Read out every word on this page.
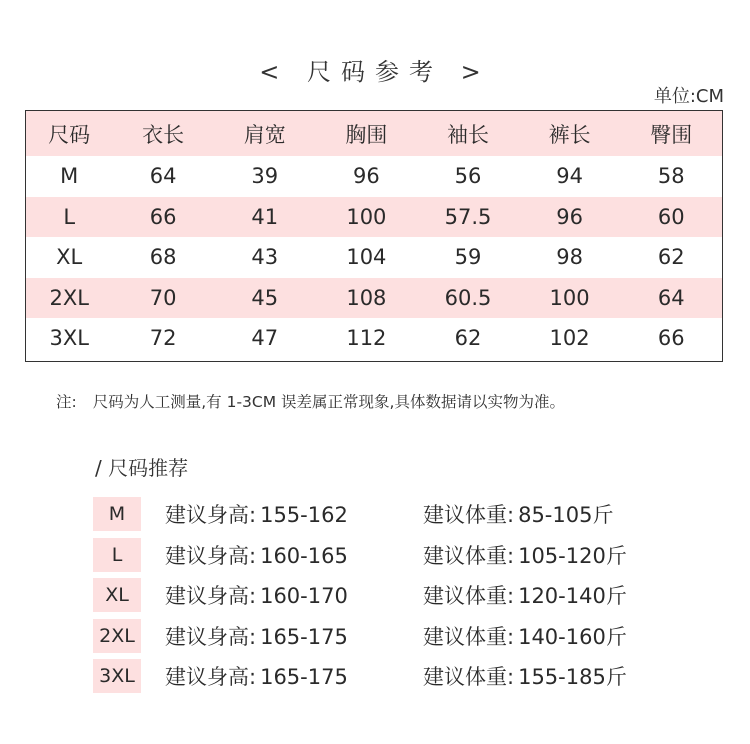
< 尺码参考 >
单位:CM
尺码	衣长	肩宽	胸围	袖长	裤长	臀围
M	64	39	96	56	94	58
L	66	41	100	57.5	96	60
XL	68	43	104	59	98	62
2XL	70	45	108	60.5	100	64
3XL	72	47	112	62	102	66
注: 尺码为人工测量,有 1-3CM 误差属正常现象,具体数据请以实物为准。
/ 尺码推荐
M	建议身高: 155-162	建议体重: 85-105斤
L	建议身高: 160-165	建议体重: 105-120斤
XL	建议身高: 160-170	建议体重: 120-140斤
2XL 建议身高: 165-175	建议体重: 140-160斤
3XL 建议身高: 165-175	建议体重: 155-185斤
